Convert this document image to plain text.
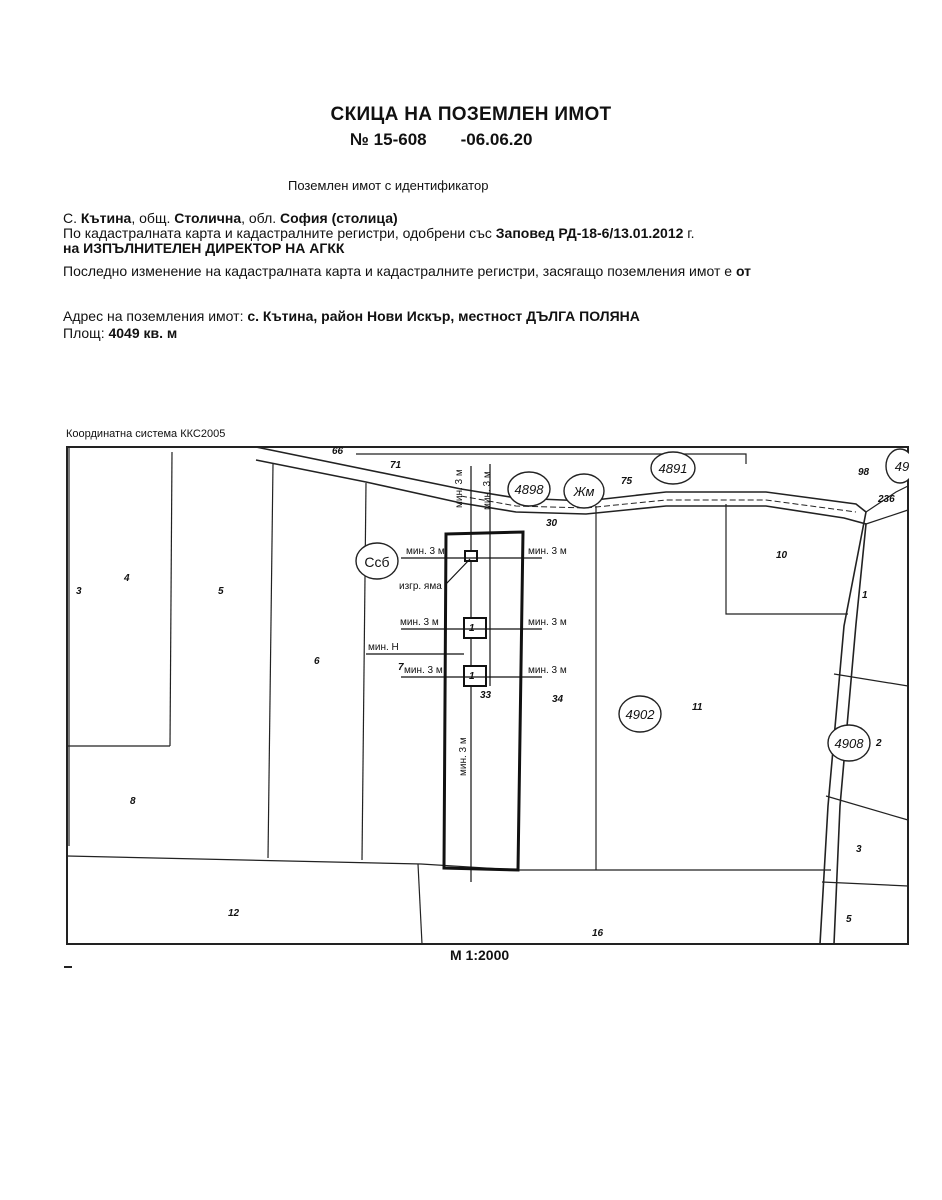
СКИЦА НА ПОЗЕМЛЕН ИМОТ
№ 15-608 -06.06.20
Поземлен имот с идентификатор
С. Кътина, общ. Столична, обл. София (столица)
По кадастралната карта и кадастралните регистри, одобрени със Заповед РД-18-6/13.01.2012 г.
на ИЗПЪЛНИТЕЛЕН ДИРЕКТОР НА АГКК
Последно изменение на кадастралната карта и кадастралните регистри, засягащо поземления имот е от
Адрес на поземления имот: с. Кътина, район Нови Искър, местност ДЪЛГА ПОЛЯНА
Площ: 4049 кв. м
Координатна система ККС2005
4898 Жм
4891
Ссб
4902
4908
49
4
5
6
3
8
12
16
33	34
11
10
1
2
3
5
75
30
98
236
71
66
7
1
1
мин. 3 м	мин. 3 м
мин. 3 м	мин. 3 м
мин. Н
мин. 3 м	мин. 3 м
изгр. яма
мин. 3 м мин. 3 м
мин. 3 м
М 1:2000
